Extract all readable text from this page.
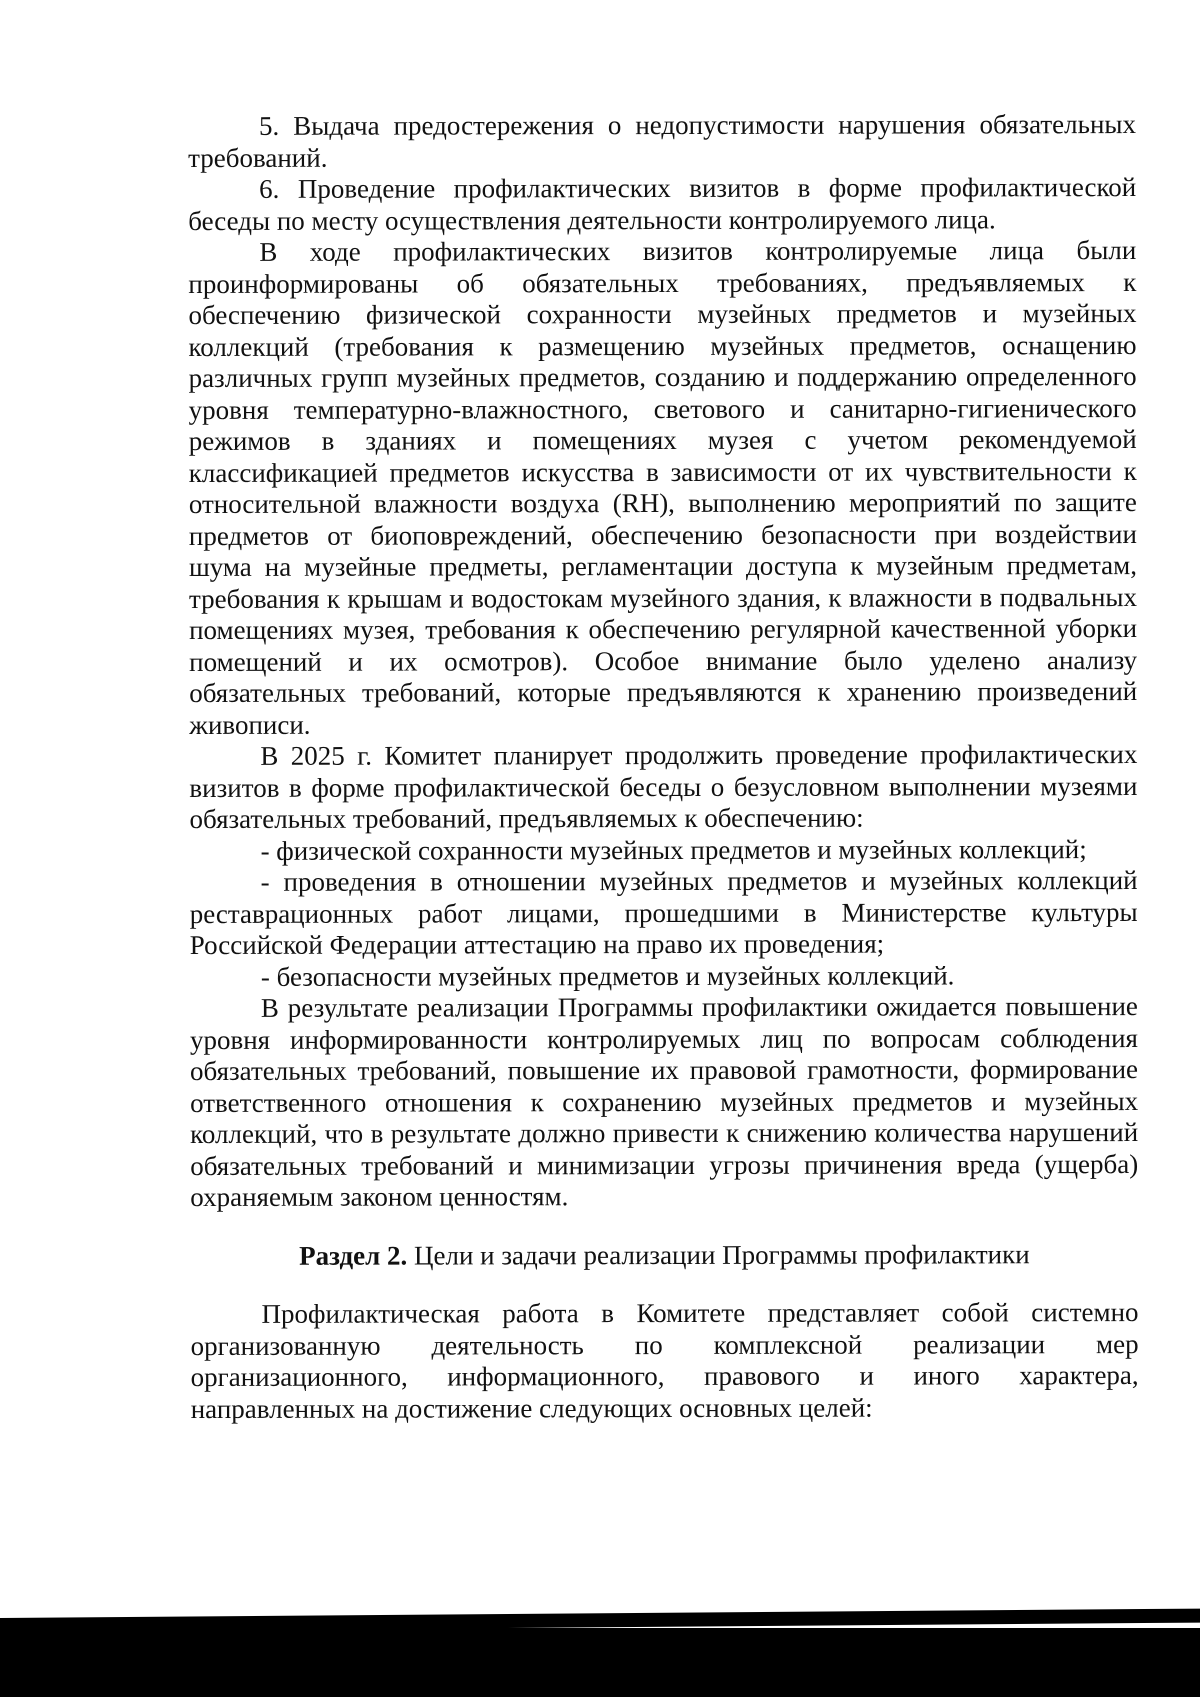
5. Выдача предостережения о недопустимости нарушения обязательных требований.

6. Проведение профилактических визитов в форме профилактической беседы по месту осуществления деятельности контролируемого лица.

В ходе профилактических визитов контролируемые лица были проинформированы об обязательных требованиях, предъявляемых к обеспечению физической сохранности музейных предметов и музейных коллекций (требования к размещению музейных предметов, оснащению различных групп музейных предметов, созданию и поддержанию определенного уровня температурно-влажностного, светового и санитарно-гигиенического режимов в зданиях и помещениях музея с учетом рекомендуемой классификацией предметов искусства в зависимости от их чувствительности к относительной влажности воздуха (RH), выполнению мероприятий по защите предметов от биоповреждений, обеспечению безопасности при воздействии шума на музейные предметы, регламентации доступа к музейным предметам, требования к крышам и водостокам музейного здания, к влажности в подвальных помещениях музея, требования к обеспечению регулярной качественной уборки помещений и их осмотров). Особое внимание было уделено анализу обязательных требований, которые предъявляются к хранению произведений живописи.

В 2025 г. Комитет планирует продолжить проведение профилактических визитов в форме профилактической беседы о безусловном выполнении музеями обязательных требований, предъявляемых к обеспечению:

- физической сохранности музейных предметов и музейных коллекций;

- проведения в отношении музейных предметов и музейных коллекций реставрационных работ лицами, прошедшими в Министерстве культуры Российской Федерации аттестацию на право их проведения;

- безопасности музейных предметов и музейных коллекций.

В результате реализации Программы профилактики ожидается повышение уровня информированности контролируемых лиц по вопросам соблюдения обязательных требований, повышение их правовой грамотности, формирование ответственного отношения к сохранению музейных предметов и музейных коллекций, что в результате должно привести к снижению количества нарушений обязательных требований и минимизации угрозы причинения вреда (ущерба) охраняемым законом ценностям.

Раздел 2. Цели и задачи реализации Программы профилактики

Профилактическая работа в Комитете представляет собой системно организованную деятельность по комплексной реализации мер организационного, информационного, правового и иного характера, направленных на достижение следующих основных целей:
